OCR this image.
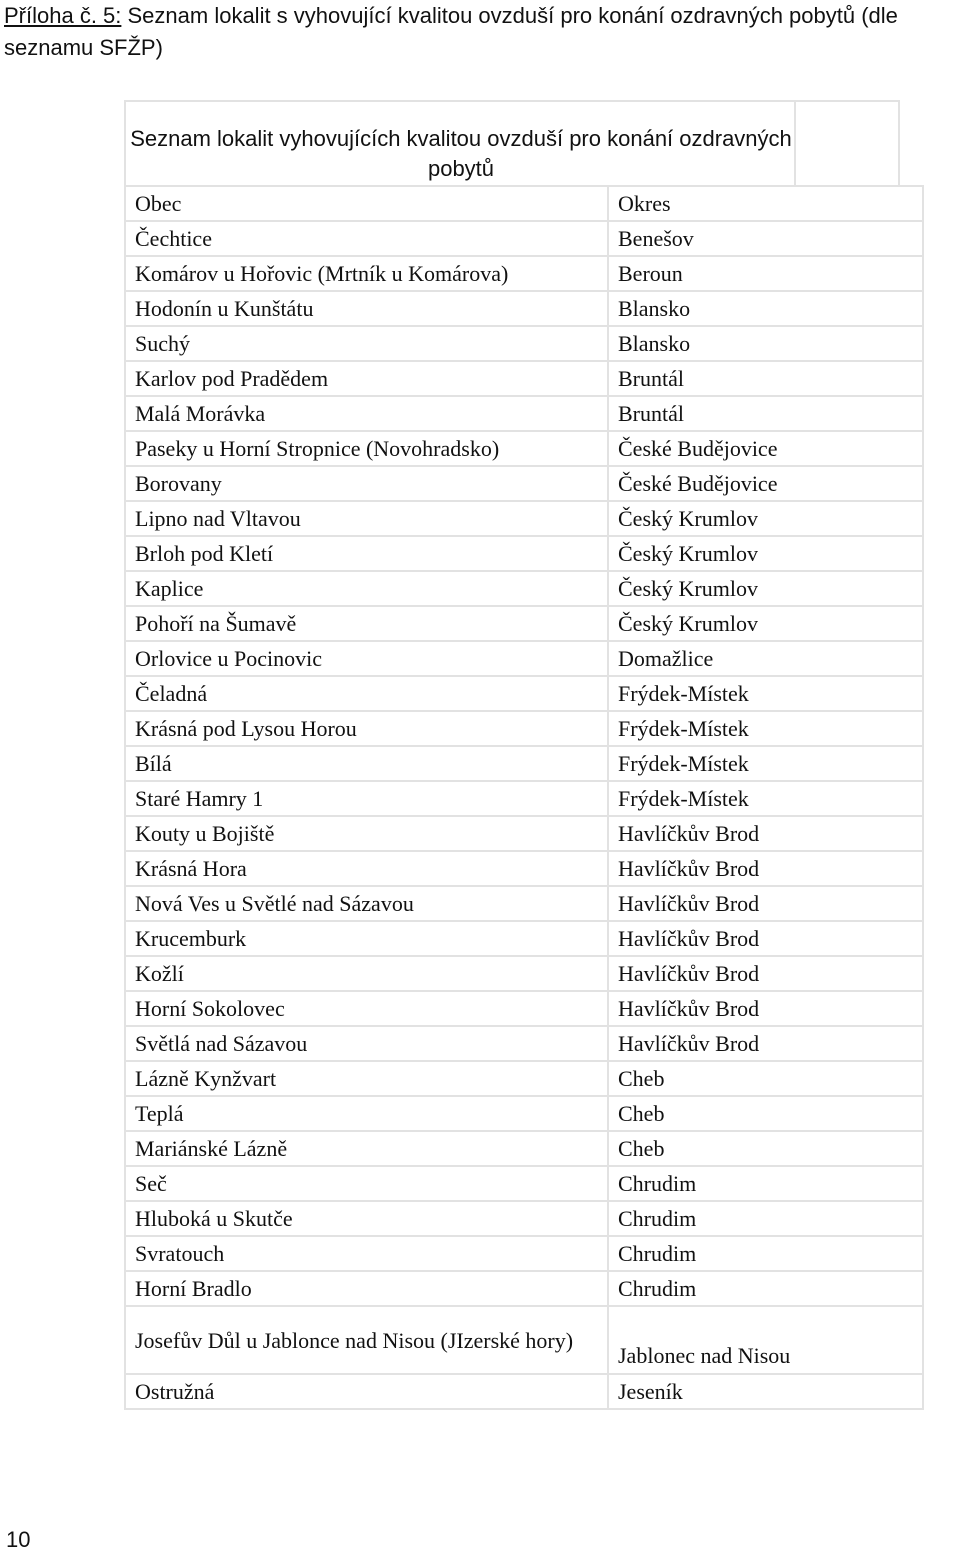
Příloha č. 5: Seznam lokalit s vyhovující kvalitou ovzduší pro konání ozdravných pobytů (dle seznamu SFŽP)
Seznam lokalit vyhovujících kvalitou ovzduší pro konání ozdravných pobytů
Obec	Okres
Čechtice	Benešov
Komárov u Hořovic (Mrtník u Komárova)	Beroun
Hodonín u Kunštátu	Blansko
Suchý	Blansko
Karlov pod Pradědem	Bruntál
Malá Morávka	Bruntál
Paseky u Horní Stropnice (Novohradsko)	České Budějovice
Borovany	České Budějovice
Lipno nad Vltavou	Český Krumlov
Brloh pod Kletí	Český Krumlov
Kaplice	Český Krumlov
Pohoří na Šumavě	Český Krumlov
Orlovice u Pocinovic	Domažlice
Čeladná	Frýdek-Místek
Krásná pod Lysou Horou	Frýdek-Místek
Bílá	Frýdek-Místek
Staré Hamry 1	Frýdek-Místek
Kouty u Bojiště	Havlíčkův Brod
Krásná Hora	Havlíčkův Brod
Nová Ves u Světlé nad Sázavou	Havlíčkův Brod
Krucemburk	Havlíčkův Brod
Kožlí	Havlíčkův Brod
Horní Sokolovec	Havlíčkův Brod
Světlá nad Sázavou	Havlíčkův Brod
Lázně Kynžvart	Cheb
Teplá	Cheb
Mariánské Lázně	Cheb
Seč	Chrudim
Hluboká u Skutče	Chrudim
Svratouch	Chrudim
Horní Bradlo	Chrudim
Josefův Důl u Jablonce nad Nisou (JIzerské hory)	Jablonec nad Nisou
Ostružná	Jeseník
10
